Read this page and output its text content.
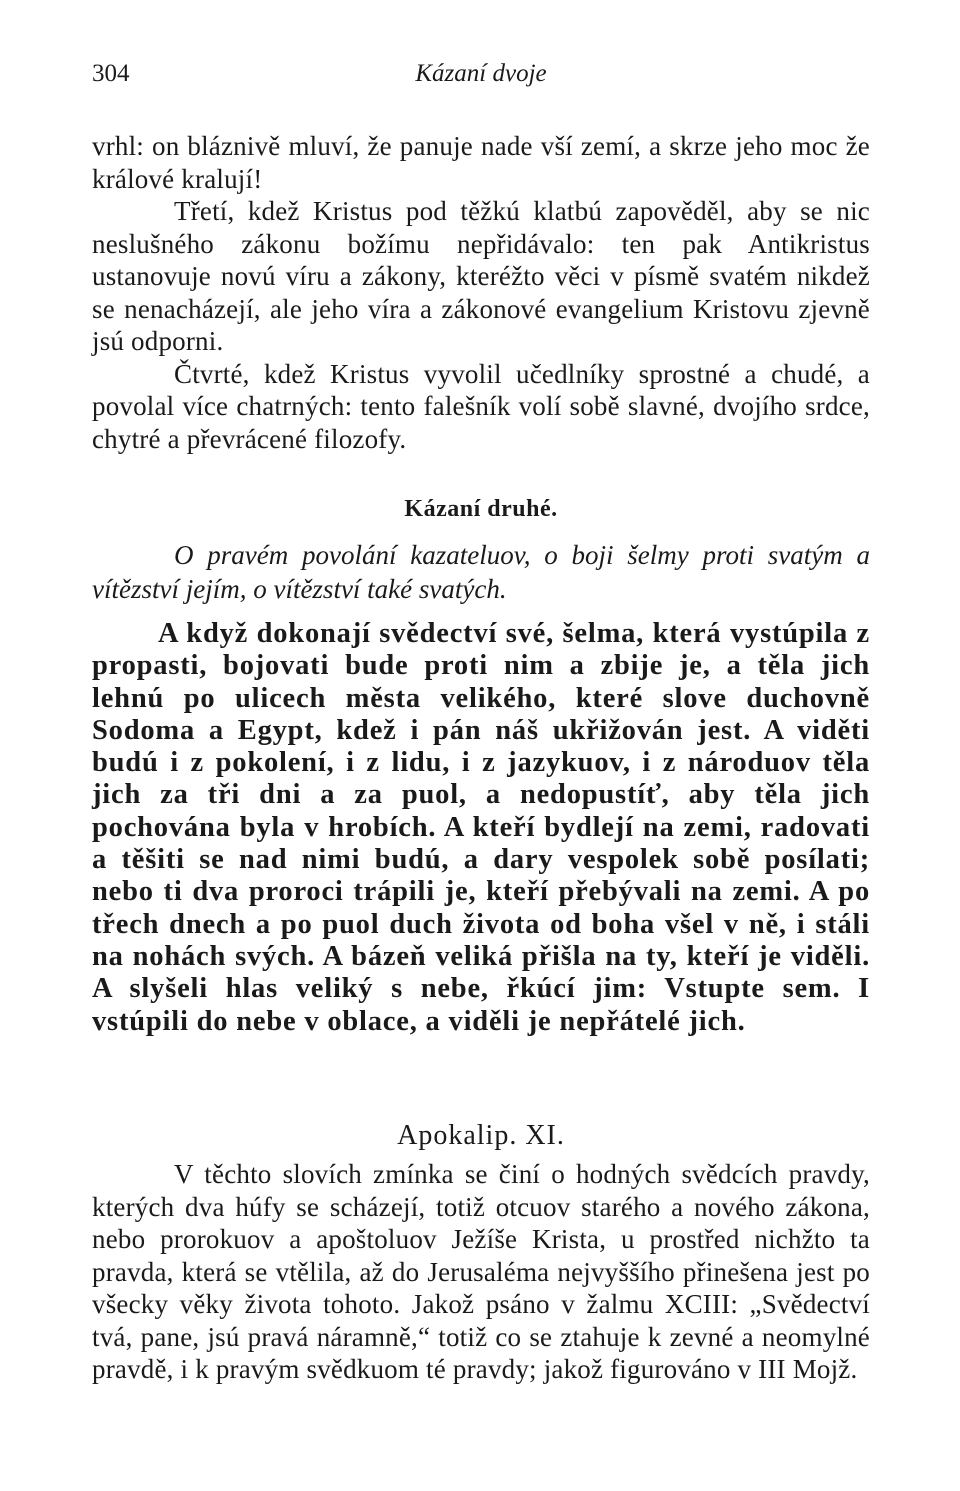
304	Kázaní dvoje

vrhl: on bláznivě mluví, že panuje nade vší zemí, a skrze jeho moc že králové kralují!

Třetí, kdež Kristus pod těžkú klatbú zapověděl, aby se nic neslušného zákonu božímu nepřidávalo: ten pak Antikristus ustanovuje novú víru a zákony, kteréžto věci v písmě svatém nikdež se nenacházejí, ale jeho víra a zákonové evangelium Kristovu zjevně jsú odporni.

Čtvrté, kdež Kristus vyvolil učedlníky sprostné a chudé, a povolal více chatrných: tento falešník volí sobě slavné, dvojího srdce, chytré a převrácené filozofy.

Kázaní druhé.

O pravém povolání kazateluov, o boji šelmy proti svatým a vítězství jejím, o vítězství také svatých.

A když dokonají svědectví své, šelma, která vystúpila z propasti, bojovati bude proti nim a zbije je, a těla jich lehnú po ulicech města velikého, které slove duchovně Sodoma a Egypt, kdež i pán náš ukřižován jest. A viděti budú i z pokolení, i z lidu, i z jazykuov, i z národuov těla jich za tři dni a za puol, a nedopustíť, aby těla jich pochována byla v hrobích. A kteří bydlejí na zemi, radovati a těšiti se nad nimi budú, a dary vespolek sobě posílati; nebo ti dva proroci trápili je, kteří přebývali na zemi. A po třech dnech a po puol duch života od boha všel v ně, i stáli na nohách svých. A bázeň veliká přišla na ty, kteří je viděli. A slyšeli hlas veliký s nebe, řkúcí jim: Vstupte sem. I vstúpili do nebe v oblace, a viděli je nepřátelé jich.

Apokalip. XI.

V těchto slovích zmínka se činí o hodných svědcích pravdy, kterých dva húfy se scházejí, totiž otcuov starého a nového zákona, nebo prorokuov a apoštoluov Ježíše Krista, u prostřed nichžto ta pravda, která se vtělila, až do Jerusaléma nejvyššího přinešena jest po všecky věky života tohoto. Jakož psáno v žalmu XCIII: „Svědectví tvá, pane, jsú pravá náramně,“ totiž co se ztahuje k zevné a neomylné pravdě, i k pravým svědkuom té pravdy; jakož figurováno v III Mojž.
